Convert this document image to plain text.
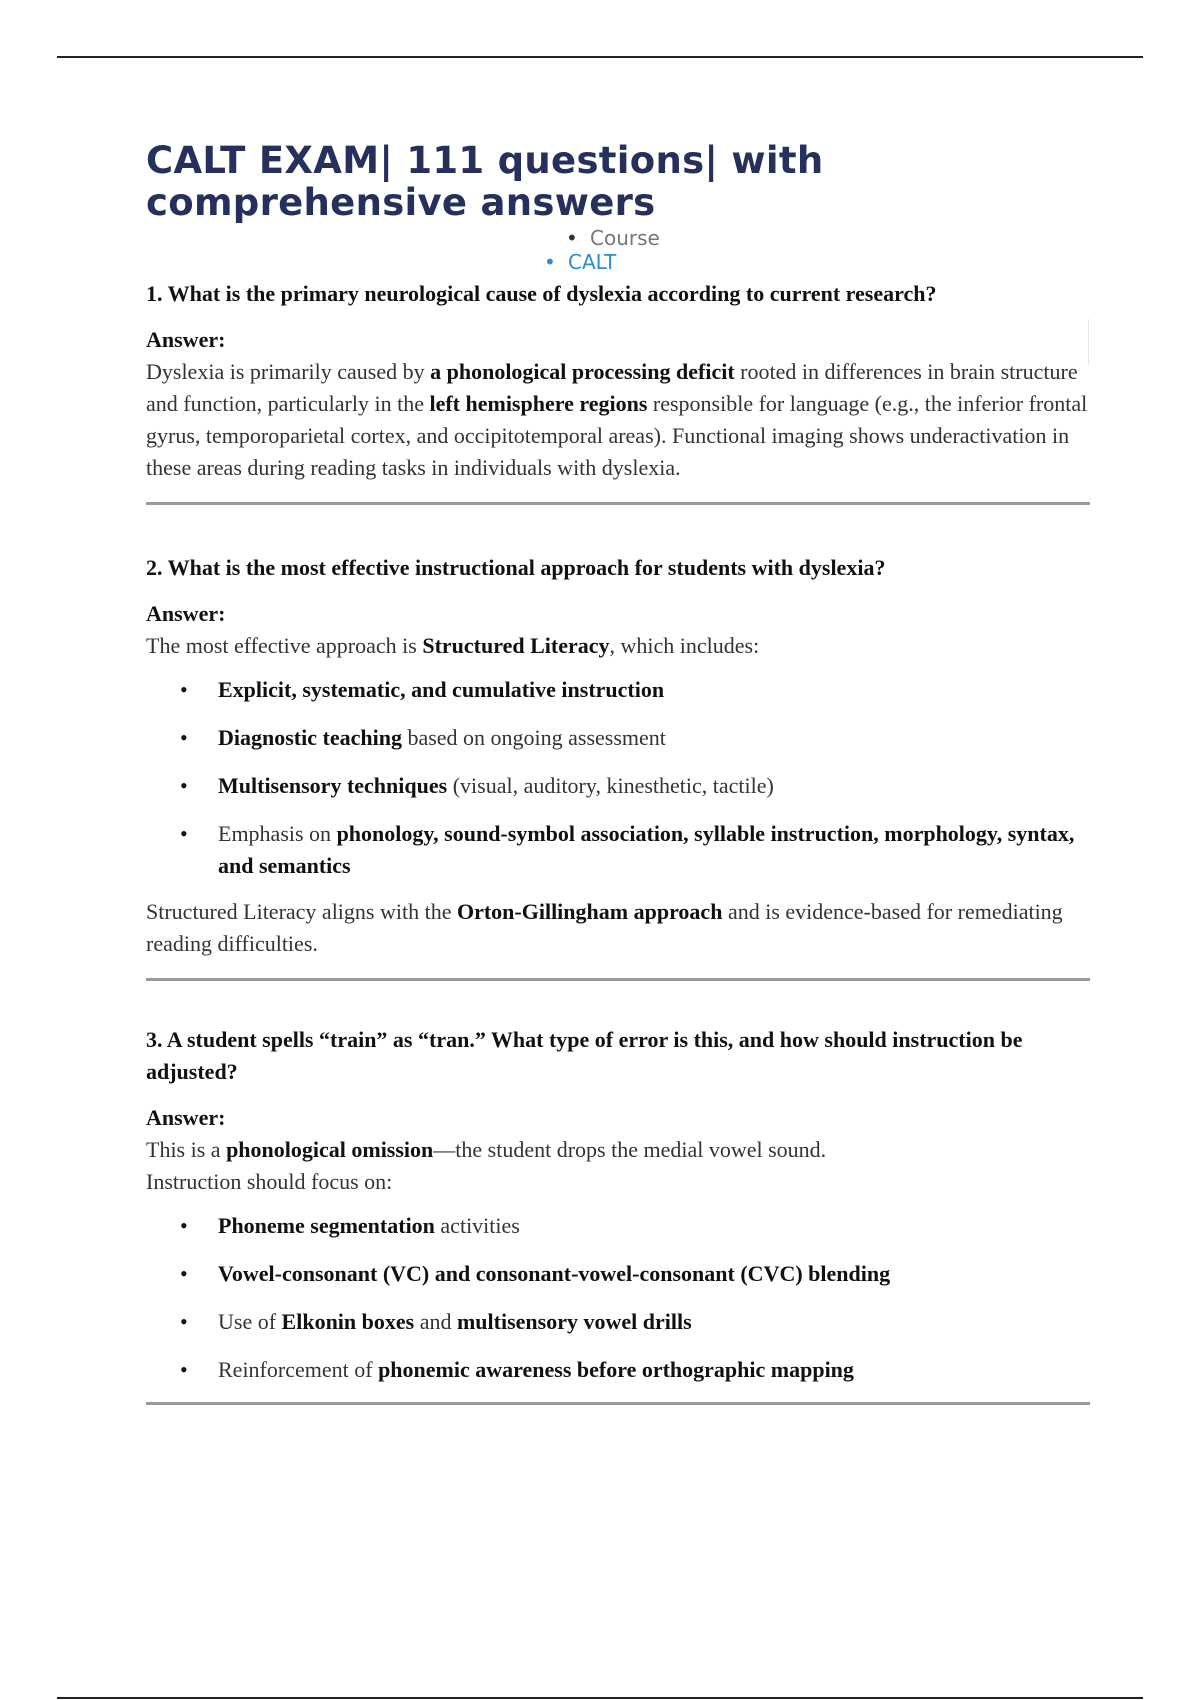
CALT EXAM| 111 questions| with comprehensive answers
• Course
• CALT

1. What is the primary neurological cause of dyslexia according to current research?

Answer:

Dyslexia is primarily caused by a phonological processing deficit rooted in differences in brain structure and function, particularly in the left hemisphere regions responsible for language (e.g., the inferior frontal gyrus, temporoparietal cortex, and occipitotemporal areas). Functional imaging shows underactivation in these areas during reading tasks in individuals with dyslexia.

2. What is the most effective instructional approach for students with dyslexia?

Answer:

The most effective approach is Structured Literacy, which includes:

• Explicit, systematic, and cumulative instruction
• Diagnostic teaching based on ongoing assessment
• Multisensory techniques (visual, auditory, kinesthetic, tactile)
• Emphasis on phonology, sound-symbol association, syllable instruction, morphology, syntax, and semantics

Structured Literacy aligns with the Orton-Gillingham approach and is evidence-based for remediating reading difficulties.

3. A student spells “train” as “tran.” What type of error is this, and how should instruction be adjusted?

Answer:

This is a phonological omission—the student drops the medial vowel sound.
Instruction should focus on:

• Phoneme segmentation activities
• Vowel-consonant (VC) and consonant-vowel-consonant (CVC) blending
• Use of Elkonin boxes and multisensory vowel drills
• Reinforcement of phonemic awareness before orthographic mapping
